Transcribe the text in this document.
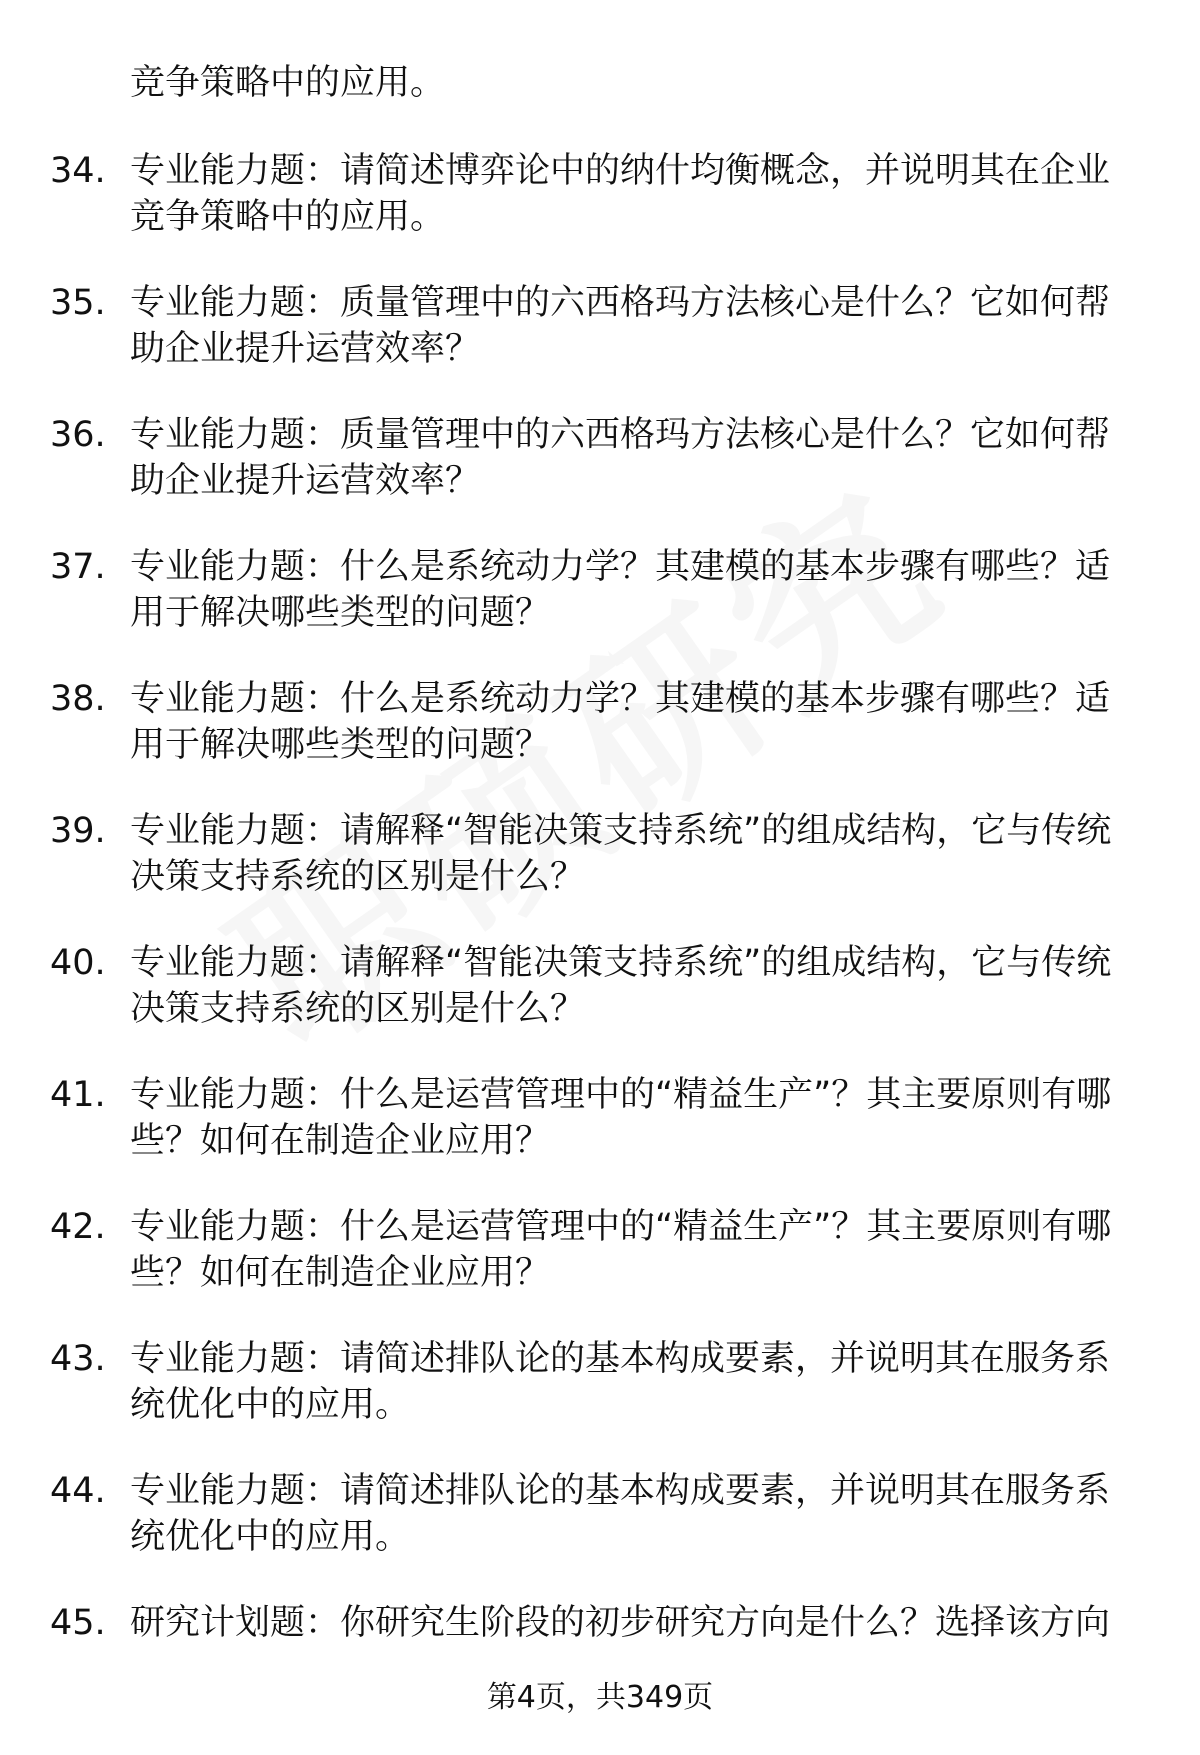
竞争策略中的应用。
34. 专业能力题：请简述博弈论中的纳什均衡概念，并说明其在企业竞争策略中的应用。
35. 专业能力题：质量管理中的六西格玛方法核心是什么？它如何帮助企业提升运营效率？
36. 专业能力题：质量管理中的六西格玛方法核心是什么？它如何帮助企业提升运营效率？
37. 专业能力题：什么是系统动力学？其建模的基本步骤有哪些？适用于解决哪些类型的问题？
38. 专业能力题：什么是系统动力学？其建模的基本步骤有哪些？适用于解决哪些类型的问题？
39. 专业能力题：请解释“智能决策支持系统”的组成结构，它与传统决策支持系统的区别是什么？
40. 专业能力题：请解释“智能决策支持系统”的组成结构，它与传统决策支持系统的区别是什么？
41. 专业能力题：什么是运营管理中的“精益生产”？其主要原则有哪些？如何在制造企业应用？
42. 专业能力题：什么是运营管理中的“精益生产”？其主要原则有哪些？如何在制造企业应用？
43. 专业能力题：请简述排队论的基本构成要素，并说明其在服务系统优化中的应用。
44. 专业能力题：请简述排队论的基本构成要素，并说明其在服务系统优化中的应用。
45. 研究计划题：你研究生阶段的初步研究方向是什么？选择该方向
第4页，共349页
